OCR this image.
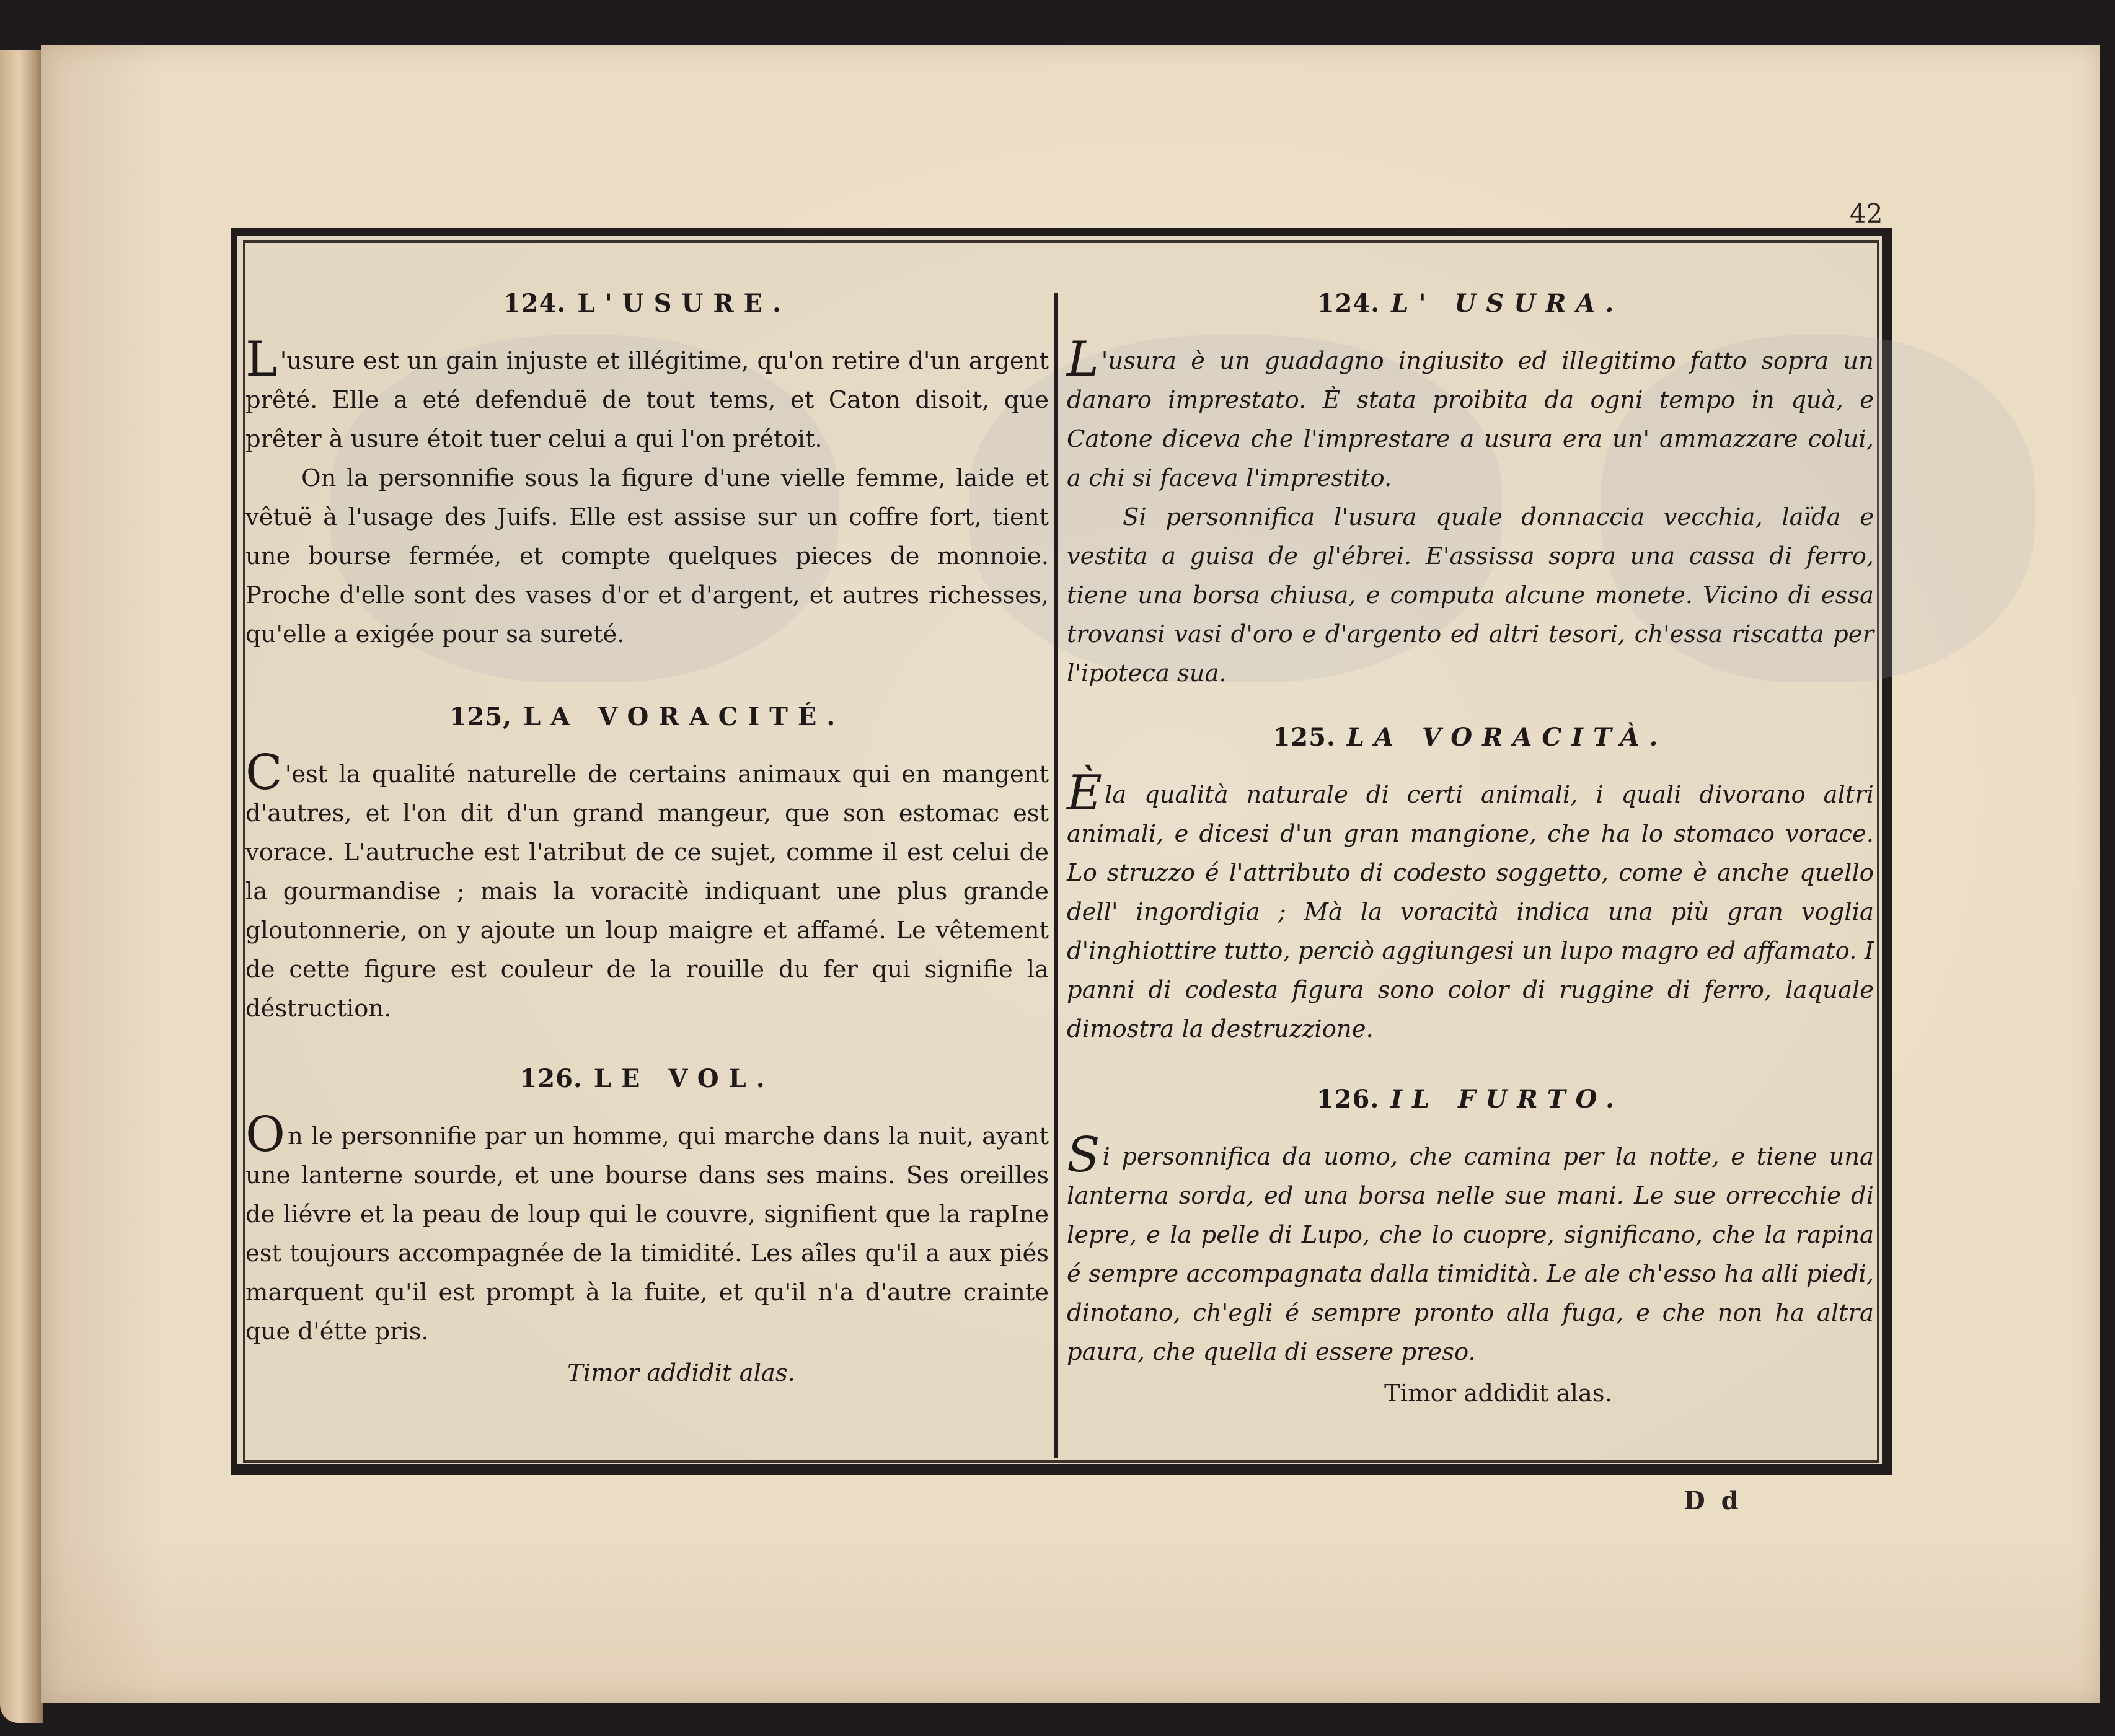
42
124. L'USURE.

L 'usure est un gain injuste et illégitime, qu'on retire d'un argent prêté. Elle a eté defenduë de tout tems, et Caton disoit, que prêter à usure étoit tuer celui a qui l'on prétoit.

On la personnifie sous la figure d'une vielle femme, laide et vêtuë à l'usage des Juifs. Elle est assise sur un coffre fort, tient une bourse fermée, et compte quelques pieces de monnoie. Proche d'elle sont des vases d'or et d'argent, et autres richesses, qu'elle a exigée pour sa sureté.

125, LA VORACITÉ.

C 'est la qualité naturelle de certains animaux qui en mangent d'autres, et l'on dit d'un grand mangeur, que son estomac est vorace. L'autruche est l'atribut de ce sujet, comme il est celui de la gourmandise ; mais la voracitè indiquant une plus grande gloutonnerie, on y ajoute un loup maigre et affamé. Le vêtement de cette figure est couleur de la rouille du fer qui signifie la déstruction.

126. LE VOL.

On le personnifie par un homme, qui marche dans la nuit, ayant une lanterne sourde, et une bourse dans ses mains. Ses oreilles de liévre et la peau de loup qui le couvre, signifient que la rapIne est toujours accompagnée de la timidité. Les aîles qu'il a aux piés marquent qu'il est prompt à la fuite, et qu'il n'a d'autre crainte que d'étte pris.

Timor addidit alas.

124. L' USURA.

L 'usura è un guadagno ingiusito ed illegitimo fatto sopra un danaro imprestato. È stata proibita da ogni tempo in quà, e Catone diceva che l'imprestare a usura era un' ammazzare colui, a chi si faceva l'imprestito.

Si personnifica l'usura quale donnaccia vecchia, laïda e vestita a guisa de gl'ébrei. E'assissa sopra una cassa di ferro, tiene una borsa chiusa, e computa alcune monete. Vicino di essa trovansi vasi d'oro e d'argento ed altri tesori, ch'essa riscatta per l'ipoteca sua.

125. LA VORACITÀ.

Èla qualità naturale di certi animali, i quali divorano altri animali, e dicesi d'un gran mangione, che ha lo stomaco vorace. Lo struzzo é l'attributo di codesto soggetto, come è anche quello dell' ingordigia ; Mà la voracità indica una più gran voglia d'inghiottire tutto, perciò aggiungesi un lupo magro ed affamato. I panni di codesta figura sono color di ruggine di ferro, laquale dimostra la destruzzione.

126. IL FURTO.

Si personnifica da uomo, che camina per la notte, e tiene una lanterna sorda, ed una borsa nelle sue mani. Le sue orrecchie di lepre, e la pelle di Lupo, che lo cuopre, significano, che la rapina é sempre accompagnata dalla timidità. Le ale ch'esso ha alli piedi, dinotano, ch'egli é sempre pronto alla fuga, e che non ha altra paura, che quella di essere preso.

Timor addidit alas.

D d
